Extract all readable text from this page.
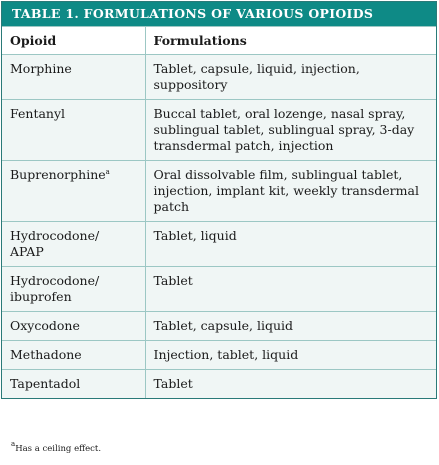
TABLE 1. FORMULATIONS OF VARIOUS OPIOIDS
Opioid	Formulations
Morphine	Tablet, capsule, liquid, injection, suppository
Fentanyl	Buccal tablet, oral lozenge, nasal spray, sublingual tablet, sublingual spray, 3-day transdermal patch, injection
Buprenorphine$^a$	Oral dissolvable film, sublingual tablet, injection, implant kit, weekly transdermal patch
Hydrocodone/ APAP	Tablet, liquid
Hydrocodone/ ibuprofen	Tablet
Oxycodone	Tablet, capsule, liquid
Methadone	Injection, tablet, liquid
Tapentadol	Tablet
$^a$Has a ceiling effect.
